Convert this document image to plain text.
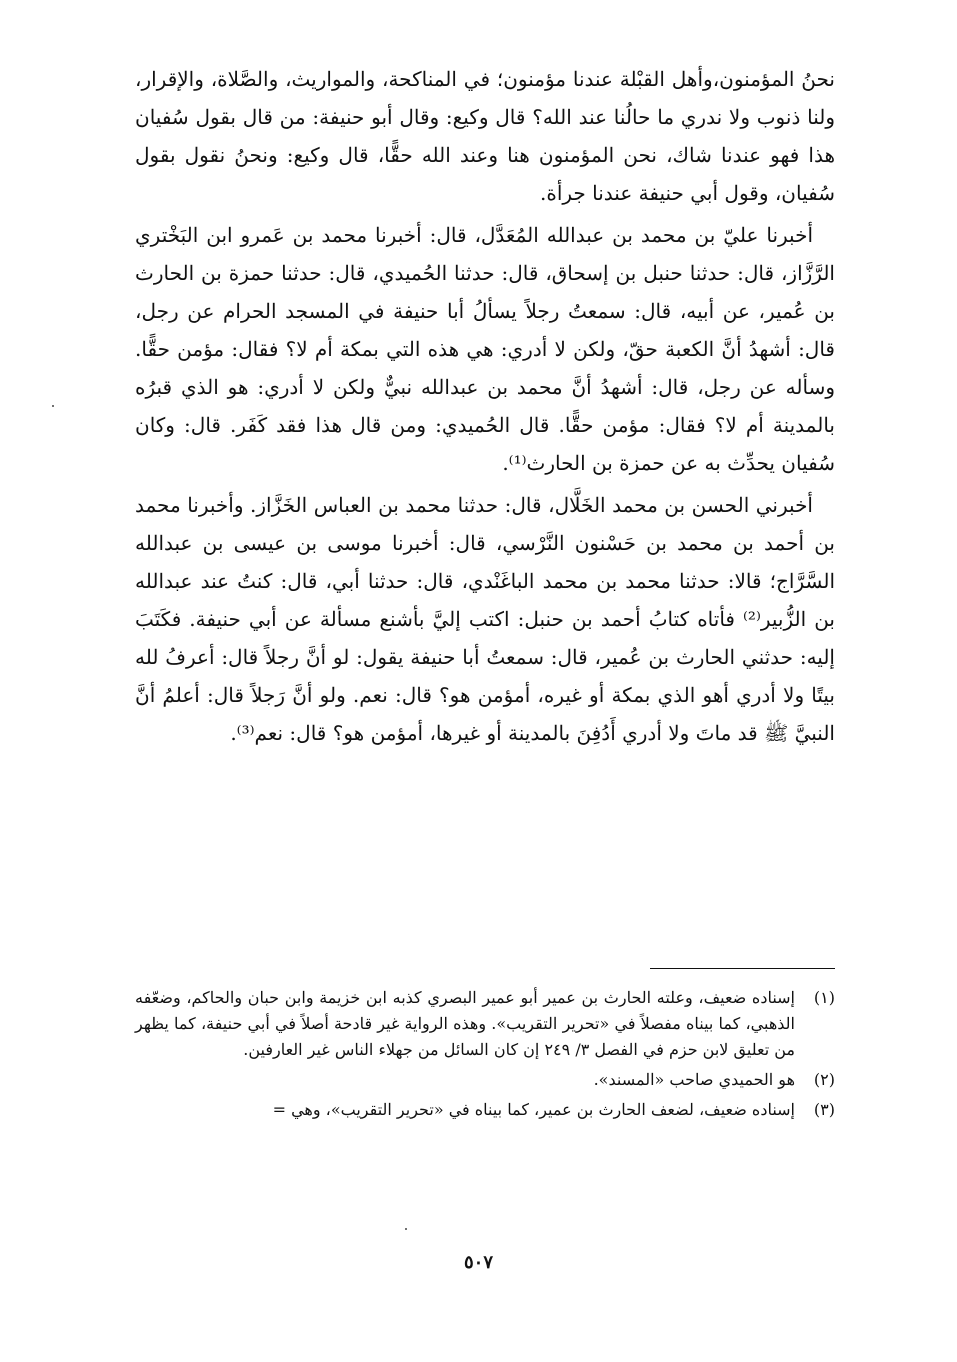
نحنُ المؤمنون،وأهل القبْلة عندنا مؤمنون؛ في المناكحة، والمواريث، والصَّلاة، والإقرار، ولنا ذنوب ولا ندري ما حالُنا عند الله؟ قال وكيع: وقال أبو حنيفة: من قال بقول سُفيان هذا فهو عندنا شاك، نحن المؤمنون هنا وعند الله حقًّا، قال وكيع: ونحنُ نقول بقول سُفيان، وقول أبي حنيفة عندنا جرأة.

أخبرنا عليّ بن محمد بن عبدالله المُعَدَّل، قال: أخبرنا محمد بن عَمرو ابن البَخْتري الرَّزَّاز، قال: حدثنا حنبل بن إسحاق، قال: حدثنا الحُميدي، قال: حدثنا حمزة بن الحارث بن عُمير، عن أبيه، قال: سمعتُ رجلاً يسألُ أبا حنيفة في المسجد الحرام عن رجل، قال: أشهدُ أنَّ الكعبة حقّ، ولكن لا أدري: هي هذه التي بمكة أم لا؟ فقال: مؤمن حقًّا. وسأله عن رجل، قال: أشهدُ أنَّ محمد بن عبدالله نبيٌّ ولكن لا أدري: هو الذي قبرُه بالمدينة أم لا؟ فقال: مؤمن حقًّا. قال الحُميدي: ومن قال هذا فقد كَفَر. قال: وكان سُفيان يحدِّث به عن حمزة بن الحارث⁽¹⁾.

أخبرني الحسن بن محمد الخَلَّال، قال: حدثنا محمد بن العباس الخَزَّاز. وأخبرنا محمد بن أحمد بن محمد بن حَسْنون النَّرْسي، قال: أخبرنا موسى بن عيسى بن عبدالله السَّرَّاج؛ قالا: حدثنا محمد بن محمد الباغَنْدي، قال: حدثنا أبي، قال: كنتُ عند عبدالله بن الزُّبير⁽²⁾ فأتاه كتابُ أحمد بن حنبل: اكتب إليَّ بأشنع مسألة عن أبي حنيفة. فكَتَبَ إليه: حدثني الحارث بن عُمير، قال: سمعتُ أبا حنيفة يقول: لو أنَّ رجلاً قال: أعرفُ لله بيتًا ولا أدري أهو الذي بمكة أو غيره، أمؤمن هو؟ قال: نعم. ولو أنَّ رَجلاً قال: أعلمُ أنَّ النبيَّ ﷺ قد ماتَ ولا أدري أَدُفِنَ بالمدينة أو غيرها، أمؤمن هو؟ قال: نعم⁽³⁾.

(١)
إسناده ضعيف، وعلته الحارث بن عمير أبو عمير البصري كذبه ابن خزيمة وابن حبان والحاكم، وضعّفه الذهبي، كما بيناه مفصلاً في «تحرير التقريب». وهذه الرواية غير قادحة أصلاً في أبي حنيفة، كما يظهر من تعليق لابن حزم في الفصل ٣/ ٢٤٩ إن كان السائل من جهلاء الناس غير العارفين.
(٢)
هو الحميدي صاحب «المسند».
(٣)
إسناده ضعيف، لضعف الحارث بن عمير، كما بيناه في «تحرير التقريب»، وهي =
٥٠٧
